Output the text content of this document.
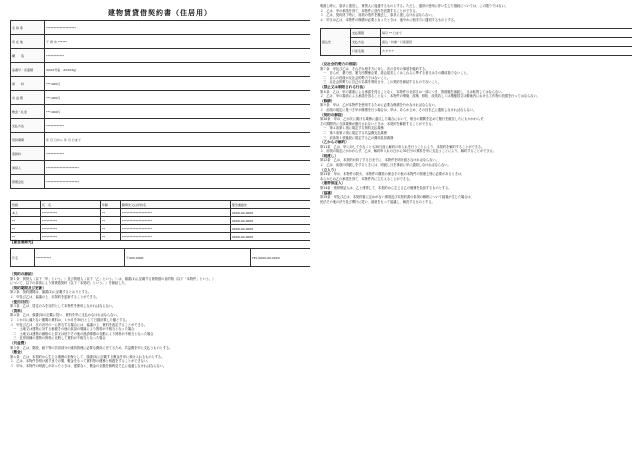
建物賃貸借契約書（住居用）
名 称 等	********************
所 在 地	〒 県 市 ******
構　　造	************
室番号・床面積	XXXX号室　XXXXX㎡
賃　　料	***,000円
共 益 費	***,000円
敷金・礼金	***,000円
支払方法	************
契約期間	年 月 日から 年 月 日まで
更新料	************
賃貸人	**********************
管理会社	**********************
続柄	氏　名	年齢	勤務先又は学校名	緊急連絡先
本人	**********	**	********************	0000-00-0000
**	**********	**	********************	0000-00-0000
**	**********	**	********************	0000-00-0000
**	**********	**	********************	0000-00-0000
【緊急連絡先】
氏名	**********	〒000-0000	TEL 0000-00-0000
（契約の締結）
第１条　賃貸人（以下「甲」という。）及び賃借人（以下「乙」という。）は、頭書(1)に記載する賃貸借の目的物（以下「本物件」という。）
について、以下の条項により賃貸借契約（以下「本契約」という。）を締結した。
（契約期間及び更新）
第２条　契約期間は、頭書(2)に記載するとおりとする。
２　甲及び乙は、協議の上、本契約を更新することができる。
（使用目的）
第３条　乙は、居住のみを目的として本物件を使用しなければならない。
（賃料）
第４条　乙は、頭書(3)の記載に従い、賃料を甲に支払わなければならない。
２　１か月に満たない期間の賃料は、１か月を30日として日割計算した額とする。
３　甲及び乙は、次の各号の一に該当する場合には、協議の上、賃料を改定することができる。
　一　土地又は建物に対する租税その他の負担の増減により賃料が不相当となった場合
　二　土地又は建物の価格の上昇又は低下その他の経済事情の変動により賃料が不相当となった場合
　三　近傍同種の建物の賃料に比較して賃料が不相当となった場合
（共益費）
第５条　乙は、階段、廊下等の共用部分の維持管理に必要な費用に充てるため、共益費を甲に支払うものとする。
（敷金）
第６条　乙は、本契約から生じる債務の担保として、頭書(3)に記載する敷金を甲に預け入れるものとする。
２　乙は、本物件を明け渡すまでの間、敷金をもって賃料等の債務と相殺をすることができない。
３　甲は、本物件の明渡しがあったときは、遅滞なく、敷金の全額を無利息で乙に返還しなければならない。
明渡し時に、原状に復旧し、賃貸人に返還するものとする。ただし、通常の使用に伴い生じた損耗については、この限りではない。
２　乙は、甲の承諾を得て、本物件に造作を設置することができる。
３　乙は、契約終了時に、前項の造作を撤去し、原状に復しなければならない。
４　甲又は乙は、本物件の修繕が必要となったときは、速やかに相手方に通知するものとする。
振込先	支払期限	毎月 ** 日まで
	支払方法	振込・持参・口座振替
	口座名義	カタカナ
（反社会的勢力の排除）
第７条　甲及び乙は、それぞれ相手方に対し、次の各号の事項を確約する。
　一　自らが、暴力団、暴力団関係企業、総会屋若しくはこれらに準ずる者又はその構成員でないこと。
　二　自らの役員が反社会的勢力ではないこと。
　三　反社会的勢力に自己の名義を利用させ、この契約を締結するものでないこと。
（禁止又は制限される行為）
第８条　乙は、甲の書面による承諾を得ることなく、本物件の全部又は一部につき、賃借権を譲渡し、又は転貸してはならない。
２　乙は、甲の書面による承諾を得ることなく、本物件の増築、改築、移転、改造若しくは模様替又は敷地内における工作物の設置を行ってはならない。
（修繕）
第９条　甲は、乙が本物件を使用するために必要な修繕を行わなければならない。
２　前項の規定に基づき甲が修繕を行う場合は、甲は、あらかじめ、その旨を乙に通知しなければならない。
（契約の解除）
第10条　甲は、乙が次に掲げる義務に違反した場合において、相当の期間を定めて履行を催告したにもかかわらず、
その期間内に当該義務が履行されないときは、本契約を解除することができる。
　一　第４条第１項に規定する賃料支払義務
　二　第５条第２項に規定する共益費支払義務
　三　前条第１項後段に規定する乙の費用負担義務
（乙からの解約）
第11条　乙は、甲に対して少なくとも30日前に解約の申入れを行うことにより、本契約を解約することができる。
２　前項の規定にかかわらず、乙は、解約申入れの日から30日分の賃料を甲に支払うことにより、解約することができる。
（明渡し）
第12条　乙は、本契約が終了する日までに、本物件を明け渡さなければならない。
２　乙は、前項の明渡しをするときには、明渡し日を事前に甲に通知しなければならない。
（立入り）
第13条　甲は、本物件の防火、本物件の構造の保全その他の本物件の管理上特に必要があるときは、
あらかじめ乙の承諾を得て、本物件内に立ち入ることができる。
（連帯保証人）
第14条　連帯保証人は、乙と連帯して、本契約から生じる乙の債務を負担するものとする。
（協議）
第15条　甲及び乙は、本契約書に定めがない事項及び本契約書の条項の解釈について疑義が生じた場合は、
民法その他の法令及び慣行に従い、誠意をもって協議し、解決するものとする。
